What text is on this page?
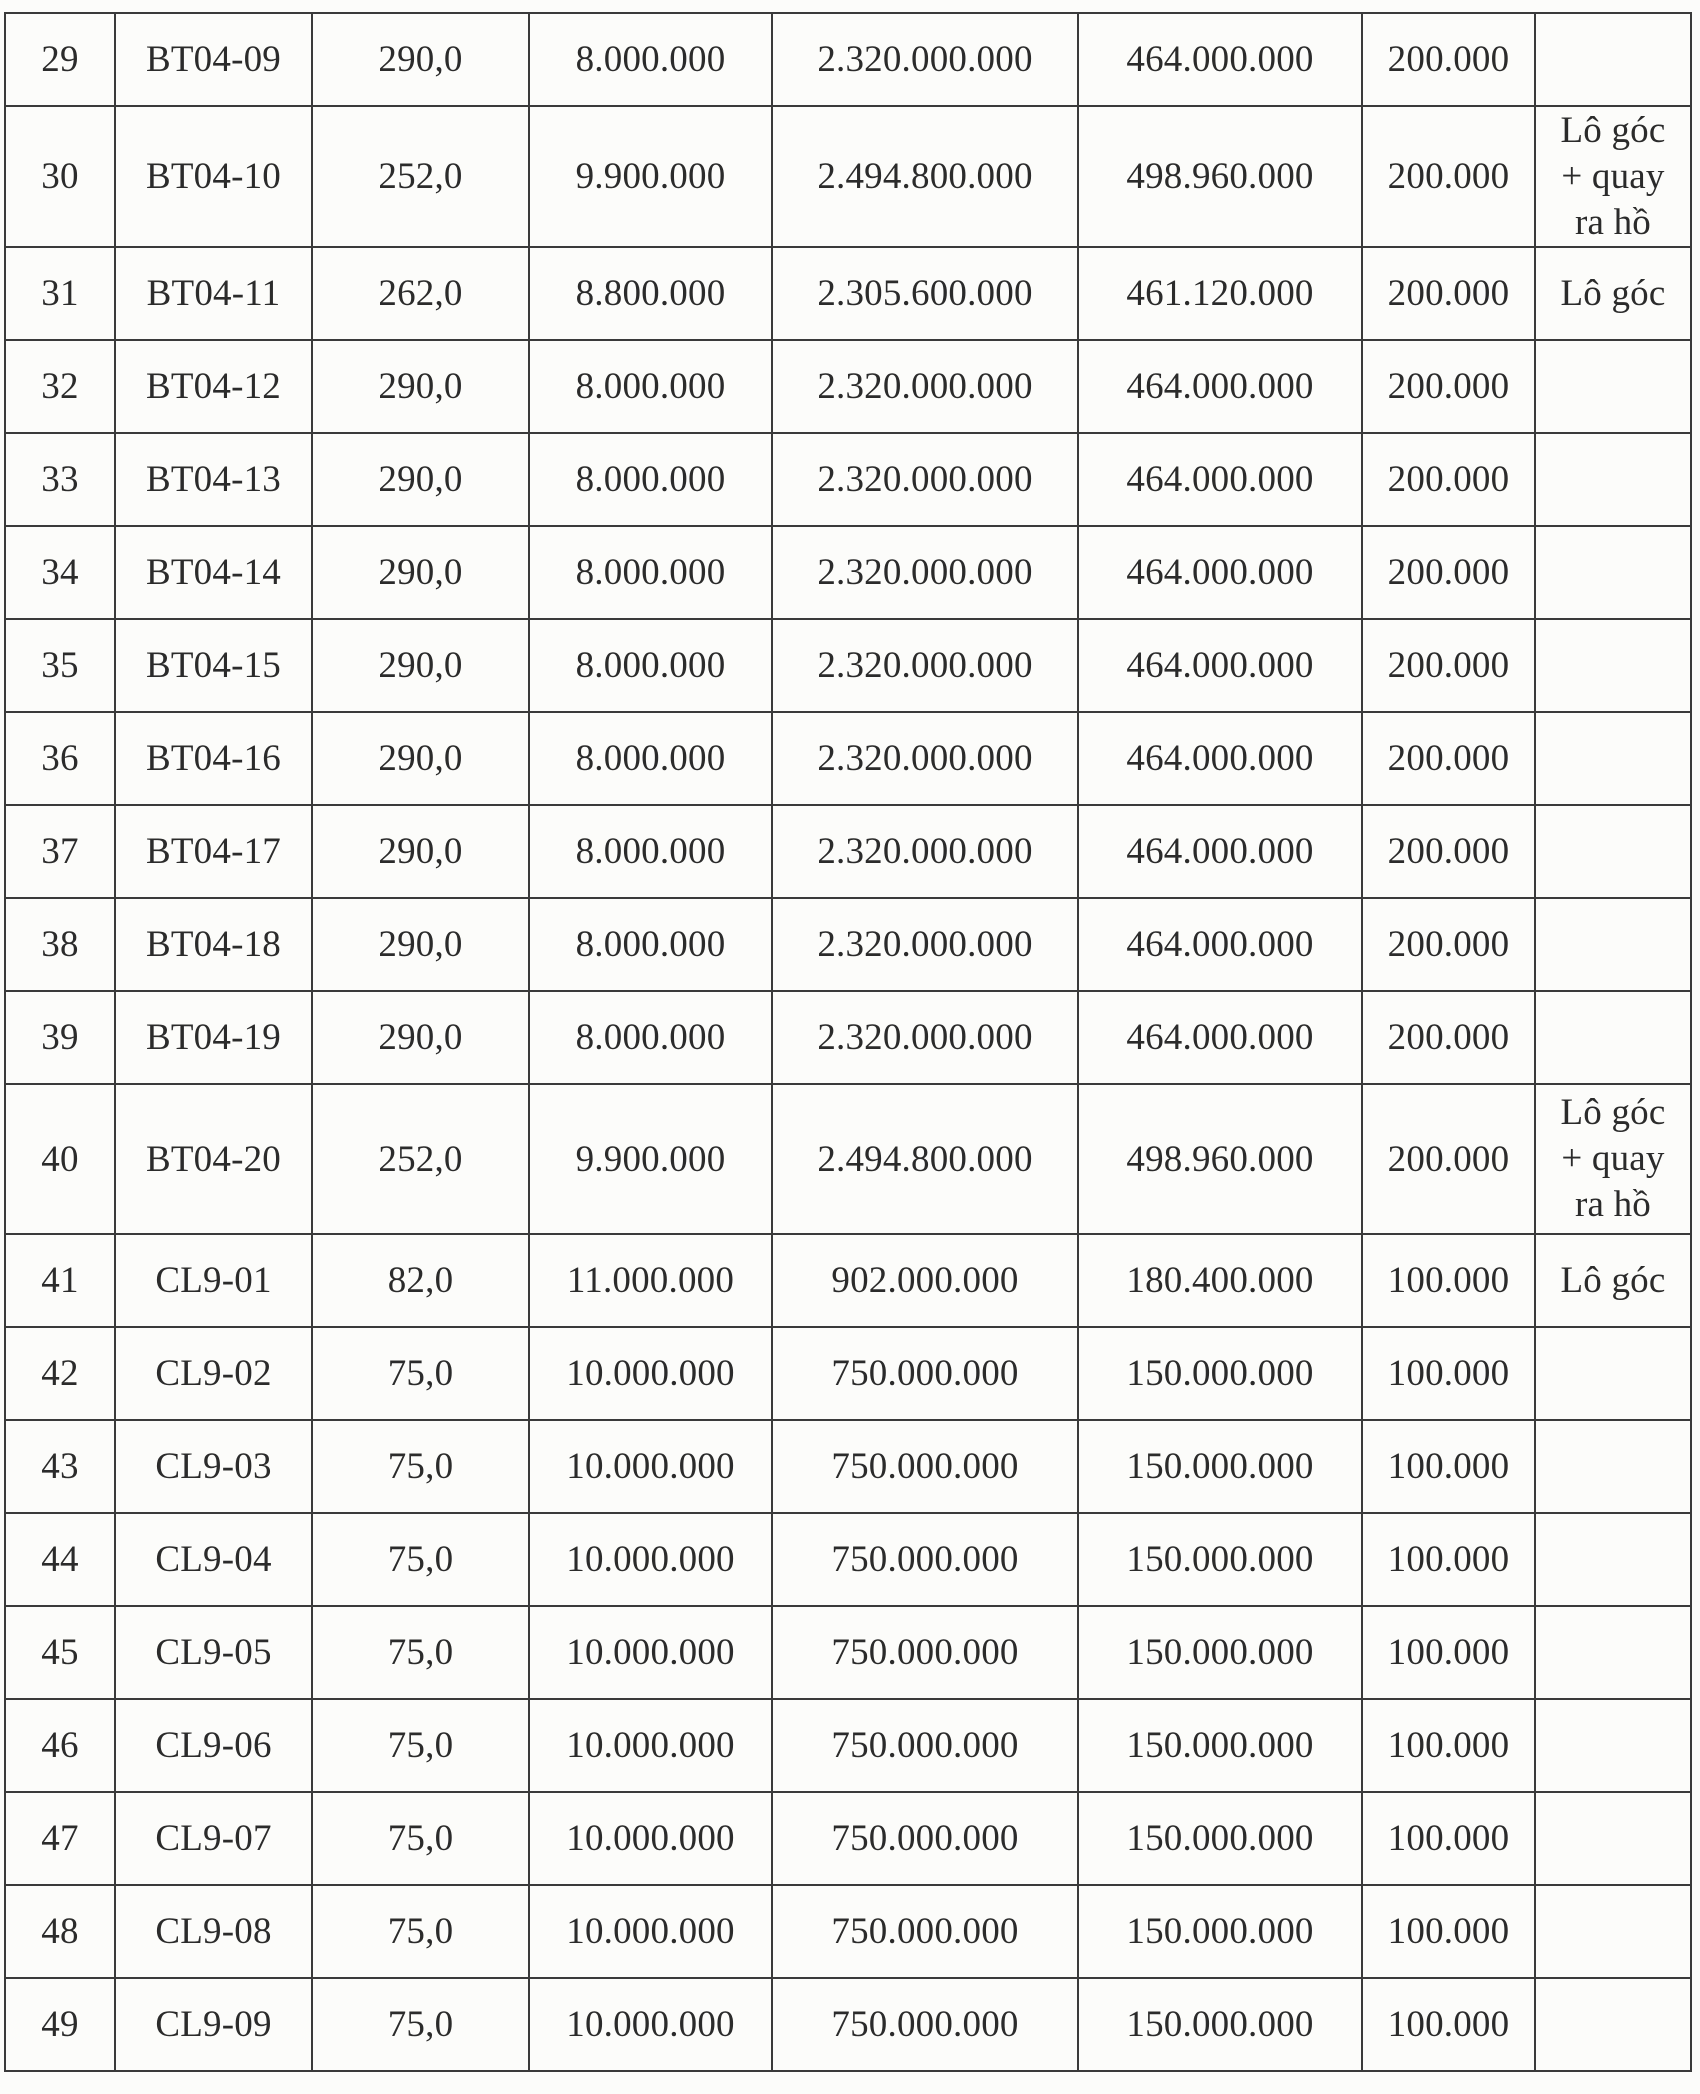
29	BT04-09	290,0	8.000.000	2.320.000.000	464.000.000	200.000	
30	BT04-10	252,0	9.900.000	2.494.800.000	498.960.000	200.000	Lô góc
+ quay
ra hồ

31	BT04-11	262,0	8.800.000	2.305.600.000	461.120.000	200.000	Lô góc

32	BT04-12	290,0	8.000.000	2.320.000.000	464.000.000	200.000	
33	BT04-13	290,0	8.000.000	2.320.000.000	464.000.000	200.000	
34	BT04-14	290,0	8.000.000	2.320.000.000	464.000.000	200.000	
35	BT04-15	290,0	8.000.000	2.320.000.000	464.000.000	200.000	
36	BT04-16	290,0	8.000.000	2.320.000.000	464.000.000	200.000	
37	BT04-17	290,0	8.000.000	2.320.000.000	464.000.000	200.000	
38	BT04-18	290,0	8.000.000	2.320.000.000	464.000.000	200.000	
39	BT04-19	290,0	8.000.000	2.320.000.000	464.000.000	200.000	
40	BT04-20	252,0	9.900.000	2.494.800.000	498.960.000	200.000	Lô góc
+ quay
ra hồ

41	CL9-01	82,0	11.000.000	902.000.000	180.400.000	100.000	Lô góc

42	CL9-02	75,0	10.000.000	750.000.000	150.000.000	100.000	
43	CL9-03	75,0	10.000.000	750.000.000	150.000.000	100.000	
44	CL9-04	75,0	10.000.000	750.000.000	150.000.000	100.000	
45	CL9-05	75,0	10.000.000	750.000.000	150.000.000	100.000	
46	CL9-06	75,0	10.000.000	750.000.000	150.000.000	100.000	
47	CL9-07	75,0	10.000.000	750.000.000	150.000.000	100.000	
48	CL9-08	75,0	10.000.000	750.000.000	150.000.000	100.000	
49	CL9-09	75,0	10.000.000	750.000.000	150.000.000	100.000	
